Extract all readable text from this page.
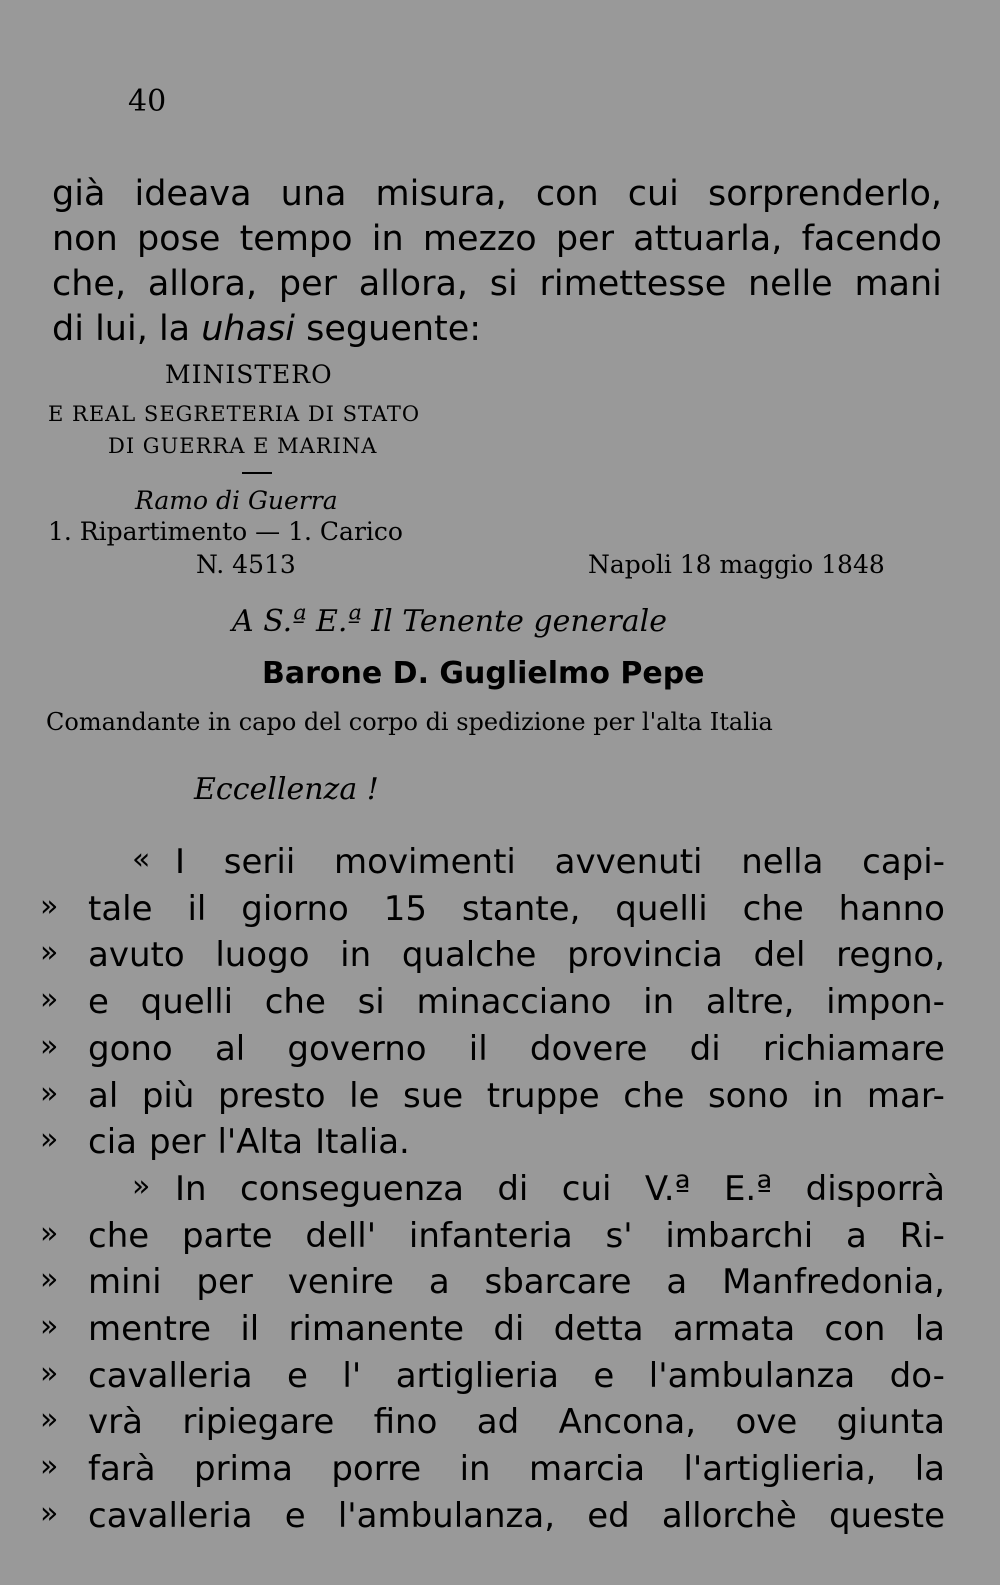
40
già ideava una misura, con cui sorprenderlo,
non pose tempo in mezzo per attuarla, facendo
che, allora, per allora, si rimettesse nelle mani
di lui, la uhasi seguente:
MINISTERO
E REAL SEGRETERIA DI STATO
DI GUERRA E MARINA
Ramo di Guerra
1. Ripartimento — 1. Carico
N. 4513	Napoli 18 maggio 1848
A S.ª E.ª Il Tenente generale
Barone D. Guglielmo Pepe
Comandante in capo del corpo di spedizione per l'alta Italia
Eccellenza !
« I serii movimenti avvenuti nella capi-
» tale il giorno 15 stante, quelli che hanno
» avuto luogo in qualche provincia del regno,
» e quelli che si minacciano in altre, impon-
» gono al governo il dovere di richiamare
» al più presto le sue truppe che sono in mar-
» cia per l'Alta Italia.
» In conseguenza di cui V.ª E.ª disporrà
» che parte dell' infanteria s' imbarchi a Ri-
» mini per venire a sbarcare a Manfredonia,
» mentre il rimanente di detta armata con la
» cavalleria e l' artiglieria e l'ambulanza do-
» vrà ripiegare fino ad Ancona, ove giunta
» farà prima porre in marcia l'artiglieria, la
» cavalleria e l'ambulanza, ed allorchè queste
